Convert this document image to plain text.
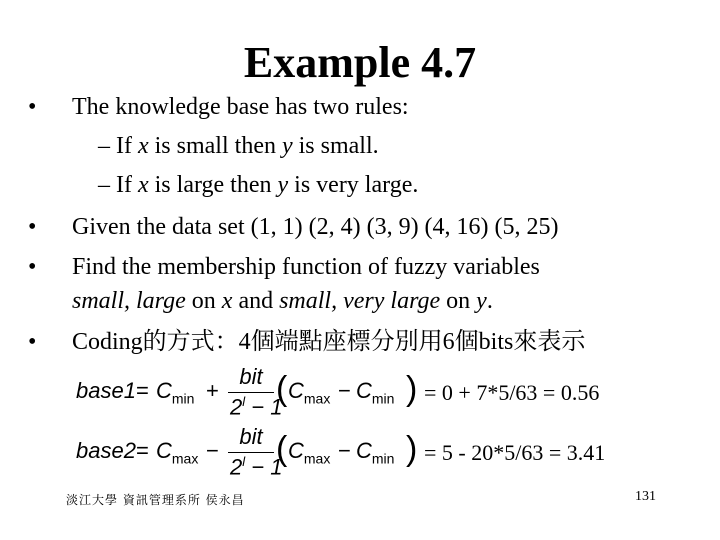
Example 4.7
• The knowledge base has two rules:
– If x is small then y is small.
– If x is large then y is very large.
• Given the data set (1, 1) (2, 4) (3, 9) (4, 16) (5, 25)
• Find the membership function of fuzzy variables
small, large on x and small, very large on y.
• Coding的方式：4個端點座標分別用6個bits來表示
base1 = $C_{min}$ +
bit
$2^l - 1$
( $C_{max} - C_{min}$ ) = 0 + 7*5/63 = 0.56
base2 = $C_{max}$ −
bit
$2^l - 1$
( $C_{max} - C_{min}$ ) = 5 - 20*5/63 = 3.41
淡江大學 資訊管理系所 侯永昌	131
